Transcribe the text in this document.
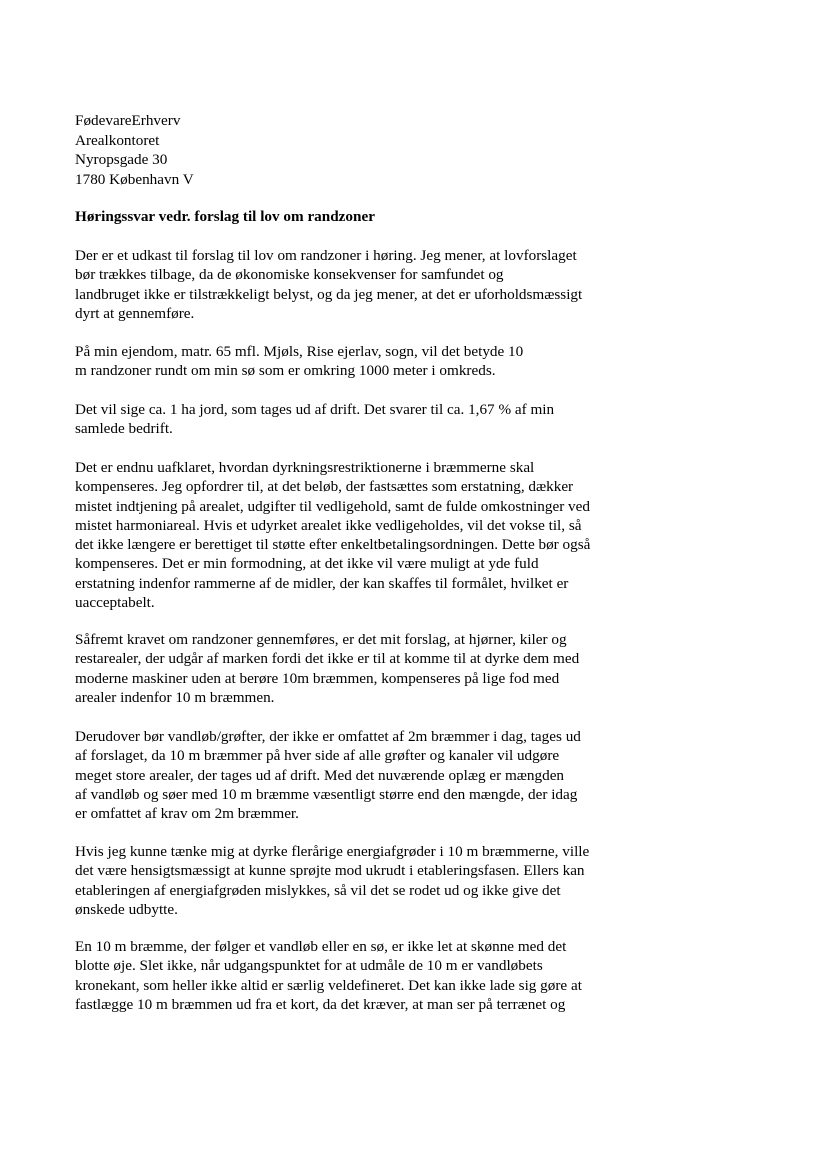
FødevareErhverv
Arealkontoret
Nyropsgade 30
1780 København V
Høringssvar vedr. forslag til lov om randzoner
Der er et udkast til forslag til lov om randzoner i høring. Jeg mener, at lovforslaget
bør trækkes tilbage, da de økonomiske konsekvenser for samfundet og
landbruget ikke er tilstrækkeligt belyst, og da jeg mener, at det er uforholdsmæssigt
dyrt at gennemføre.
På min ejendom, matr. 65 mfl. Mjøls, Rise ejerlav, sogn, vil det betyde 10
m randzoner rundt om min sø som er omkring 1000 meter i omkreds.
Det vil sige ca. 1 ha jord, som tages ud af drift. Det svarer til ca. 1,67 % af min
samlede bedrift.
Det er endnu uafklaret, hvordan dyrkningsrestriktionerne i bræmmerne skal
kompenseres. Jeg opfordrer til, at det beløb, der fastsættes som erstatning, dækker
mistet indtjening på arealet, udgifter til vedligehold, samt de fulde omkostninger ved
mistet harmoniareal. Hvis et udyrket arealet ikke vedligeholdes, vil det vokse til, så
det ikke længere er berettiget til støtte efter enkeltbetalingsordningen. Dette bør også
kompenseres. Det er min formodning, at det ikke vil være muligt at yde fuld
erstatning indenfor rammerne af de midler, der kan skaffes til formålet, hvilket er
uacceptabelt.
Såfremt kravet om randzoner gennemføres, er det mit forslag, at hjørner, kiler og
restarealer, der udgår af marken fordi det ikke er til at komme til at dyrke dem med
moderne maskiner uden at berøre 10m bræmmen, kompenseres på lige fod med
arealer indenfor 10 m bræmmen.
Derudover bør vandløb/grøfter, der ikke er omfattet af 2m bræmmer i dag, tages ud
af forslaget, da 10 m bræmmer på hver side af alle grøfter og kanaler vil udgøre
meget store arealer, der tages ud af drift. Med det nuværende oplæg er mængden
af vandløb og søer med 10 m bræmme væsentligt større end den mængde, der idag
er omfattet af krav om 2m bræmmer.
Hvis jeg kunne tænke mig at dyrke flerårige energiafgrøder i 10 m bræmmerne, ville
det være hensigtsmæssigt at kunne sprøjte mod ukrudt i etableringsfasen. Ellers kan
etableringen af energiafgrøden mislykkes, så vil det se rodet ud og ikke give det
ønskede udbytte.
En 10 m bræmme, der følger et vandløb eller en sø, er ikke let at skønne med det
blotte øje. Slet ikke, når udgangspunktet for at udmåle de 10 m er vandløbets
kronekant, som heller ikke altid er særlig veldefineret. Det kan ikke lade sig gøre at
fastlægge 10 m bræmmen ud fra et kort, da det kræver, at man ser på terrænet og
